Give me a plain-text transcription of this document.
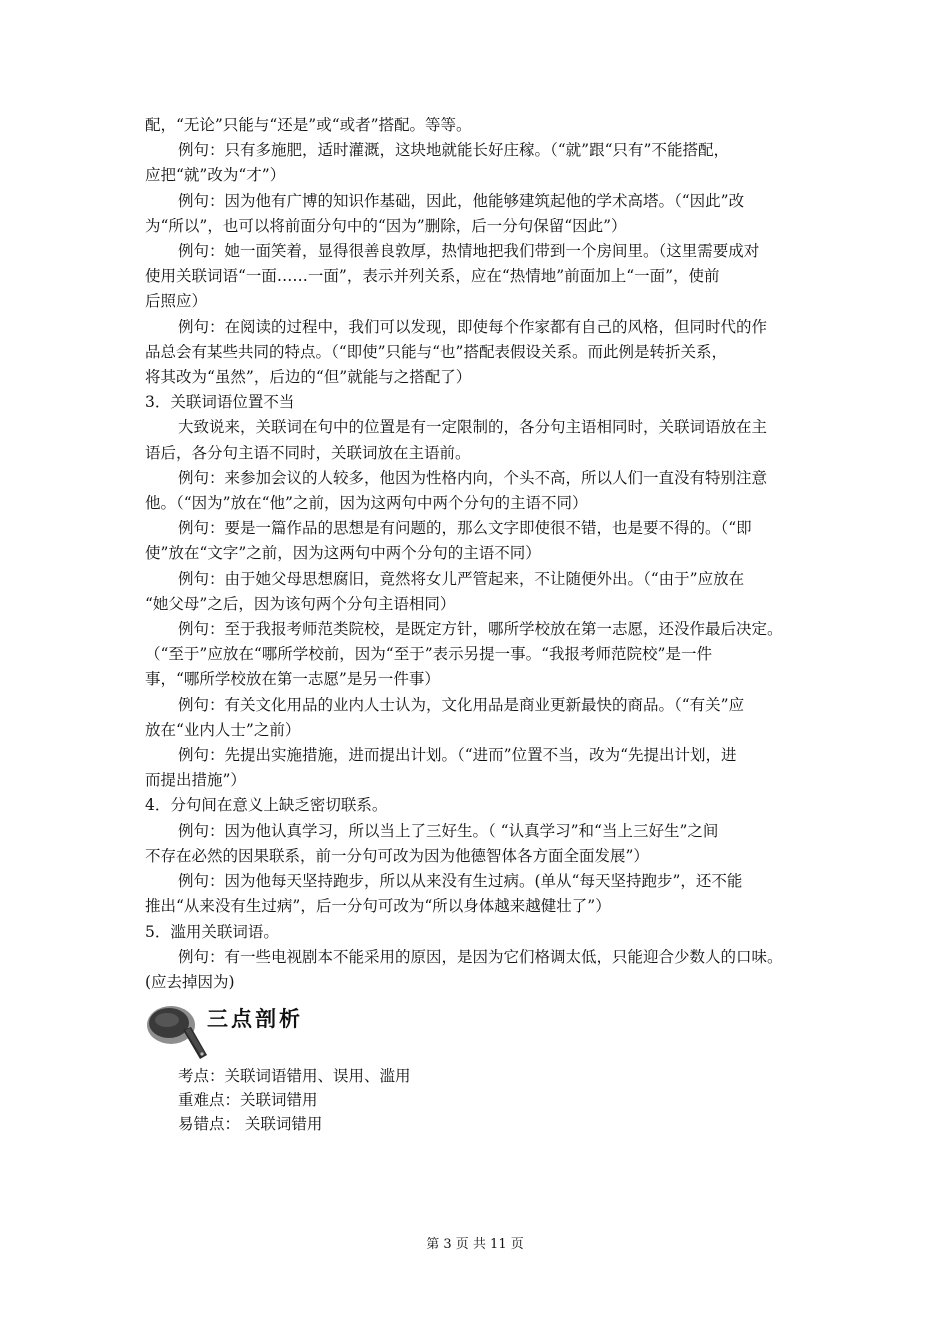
配，“无论”只能与“还是”或“或者”搭配。等等。
例句：只有多施肥，适时灌溉，这块地就能长好庄稼。（“就”跟“只有”不能搭配，
应把“就”改为“才”）
例句：因为他有广博的知识作基础，因此，他能够建筑起他的学术高塔。（“因此”改
为“所以”，也可以将前面分句中的“因为”删除，后一分句保留“因此”）
例句：她一面笑着，显得很善良敦厚，热情地把我们带到一个房间里。（这里需要成对
使用关联词语“一面……一面”，表示并列关系，应在“热情地”前面加上“一面”，使前
后照应）
例句：在阅读的过程中，我们可以发现，即使每个作家都有自己的风格，但同时代的作
品总会有某些共同的特点。（“即使”只能与“也”搭配表假设关系。而此例是转折关系，
将其改为“虽然”，后边的“但”就能与之搭配了）
3．关联词语位置不当
大致说来，关联词在句中的位置是有一定限制的，各分句主语相同时，关联词语放在主
语后，各分句主语不同时，关联词放在主语前。
例句：来参加会议的人较多，他因为性格内向，个头不高，所以人们一直没有特别注意
他。（“因为”放在“他”之前，因为这两句中两个分句的主语不同）
例句：要是一篇作品的思想是有问题的，那么文字即使很不错，也是要不得的。（“即
使”放在“文字”之前，因为这两句中两个分句的主语不同）
例句：由于她父母思想腐旧，竟然将女儿严管起来，不让随便外出。（“由于”应放在
“她父母”之后，因为该句两个分句主语相同）
例句：至于我报考师范类院校，是既定方针，哪所学校放在第一志愿，还没作最后决定。
（“至于”应放在“哪所学校前，因为“至于”表示另提一事。“我报考师范院校”是一件
事，“哪所学校放在第一志愿”是另一件事）
例句：有关文化用品的业内人士认为，文化用品是商业更新最快的商品。（“有关”应
放在“业内人士”之前）
例句：先提出实施措施，进而提出计划。（“进而”位置不当，改为“先提出计划，进
而提出措施”）
4．分句间在意义上缺乏密切联系。
例句：因为他认真学习，所以当上了三好生。（ “认真学习”和“当上三好生”之间
不存在必然的因果联系，前一分句可改为因为他德智体各方面全面发展”）
例句：因为他每天坚持跑步，所以从来没有生过病。(单从“每天坚持跑步”，还不能
推出“从来没有生过病”，后一分句可改为“所以身体越来越健壮了”）
5．滥用关联词语。
例句：有一些电视剧本不能采用的原因，是因为它们格调太低，只能迎合少数人的口味。
(应去掉因为)
三点剖析
考点：关联词语错用、误用、滥用
重难点：关联词错用
易错点： 关联词错用
第 3 页 共 11 页
